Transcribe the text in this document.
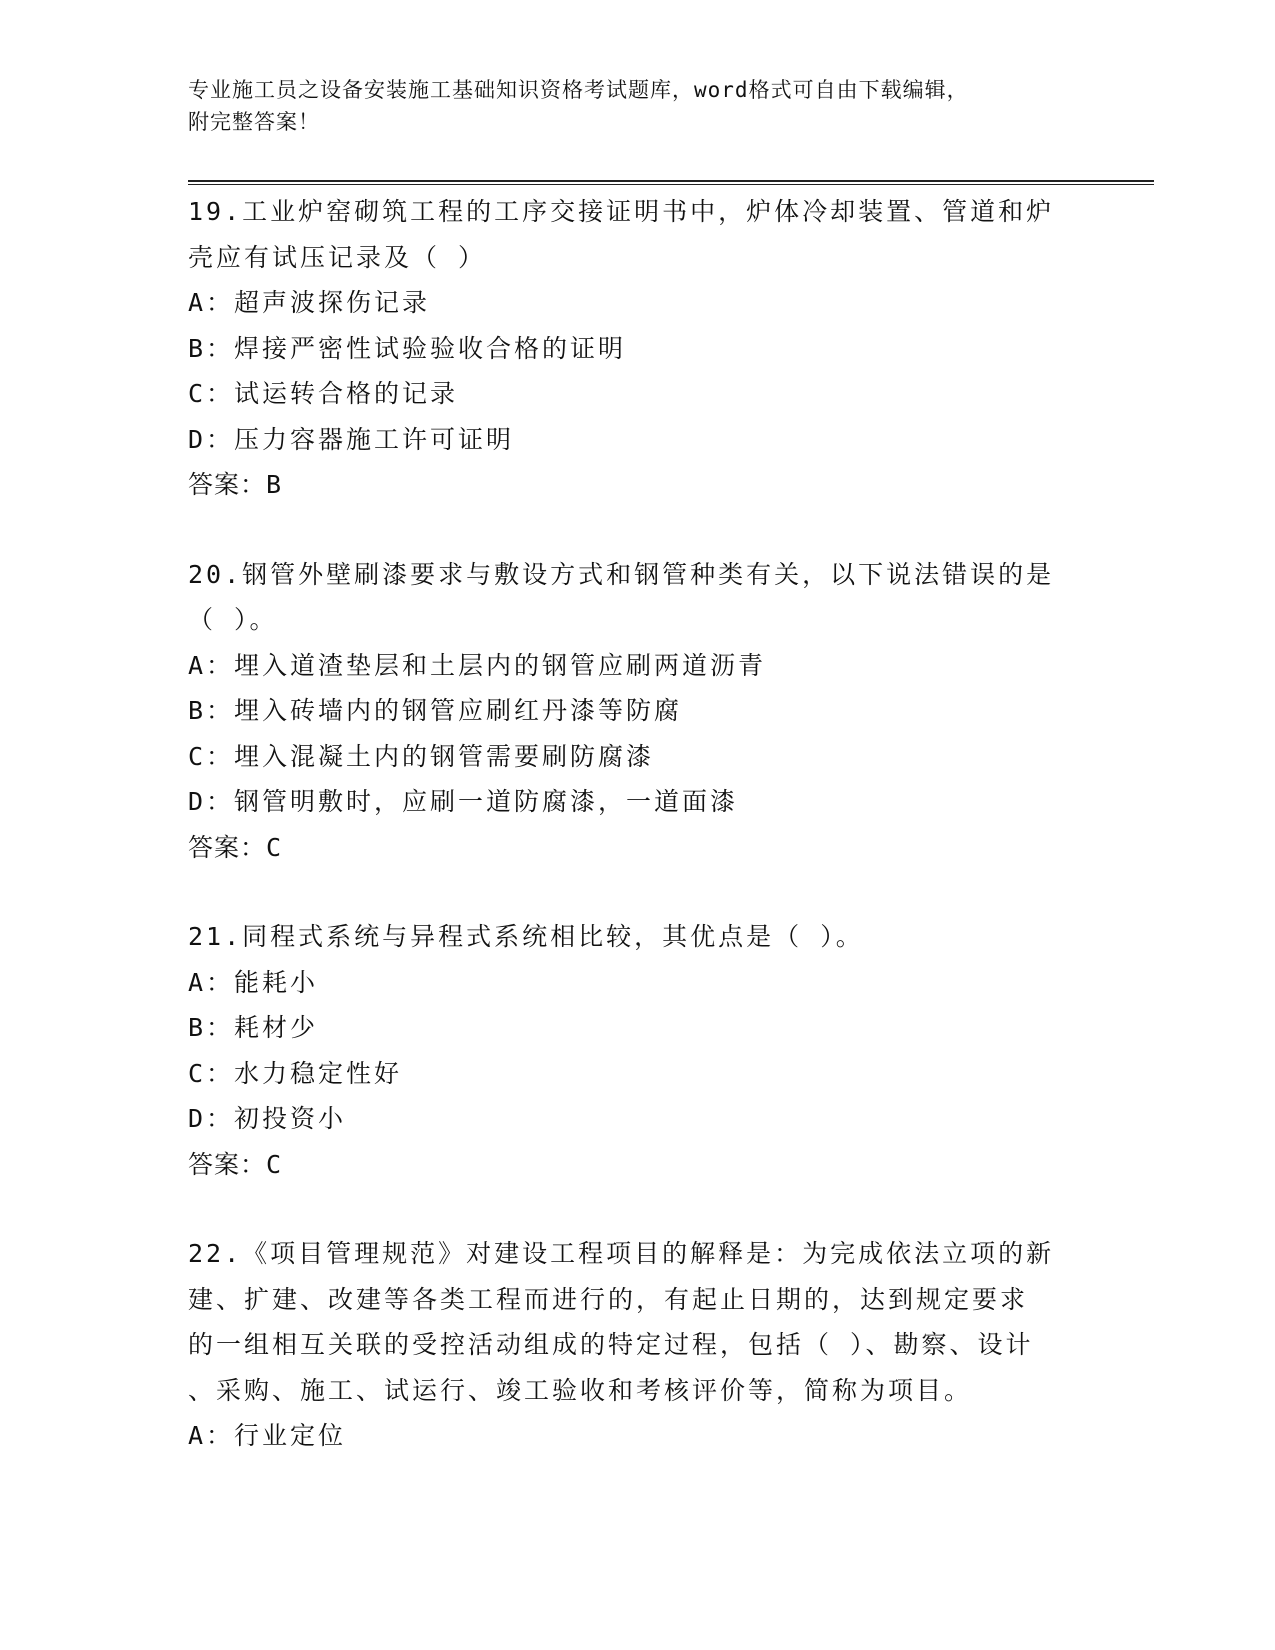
专业施工员之设备安装施工基础知识资格考试题库，word格式可自由下载编辑，
附完整答案！
19.工业炉窑砌筑工程的工序交接证明书中，炉体冷却装置、管道和炉
壳应有试压记录及（ ）
A：超声波探伤记录
B：焊接严密性试验验收合格的证明
C：试运转合格的记录
D：压力容器施工许可证明
答案：B
20.钢管外壁刷漆要求与敷设方式和钢管种类有关，以下说法错误的是
（ ）。
A：埋入道渣垫层和土层内的钢管应刷两道沥青
B：埋入砖墙内的钢管应刷红丹漆等防腐
C：埋入混凝土内的钢管需要刷防腐漆
D：钢管明敷时，应刷一道防腐漆，一道面漆
答案：C
21.同程式系统与异程式系统相比较，其优点是（ ）。
A：能耗小
B：耗材少
C：水力稳定性好
D：初投资小
答案：C
22.《项目管理规范》对建设工程项目的解释是：为完成依法立项的新
建、扩建、改建等各类工程而进行的，有起止日期的，达到规定要求
的一组相互关联的受控活动组成的特定过程，包括（ ）、勘察、设计
、采购、施工、试运行、竣工验收和考核评价等，简称为项目。
A：行业定位
